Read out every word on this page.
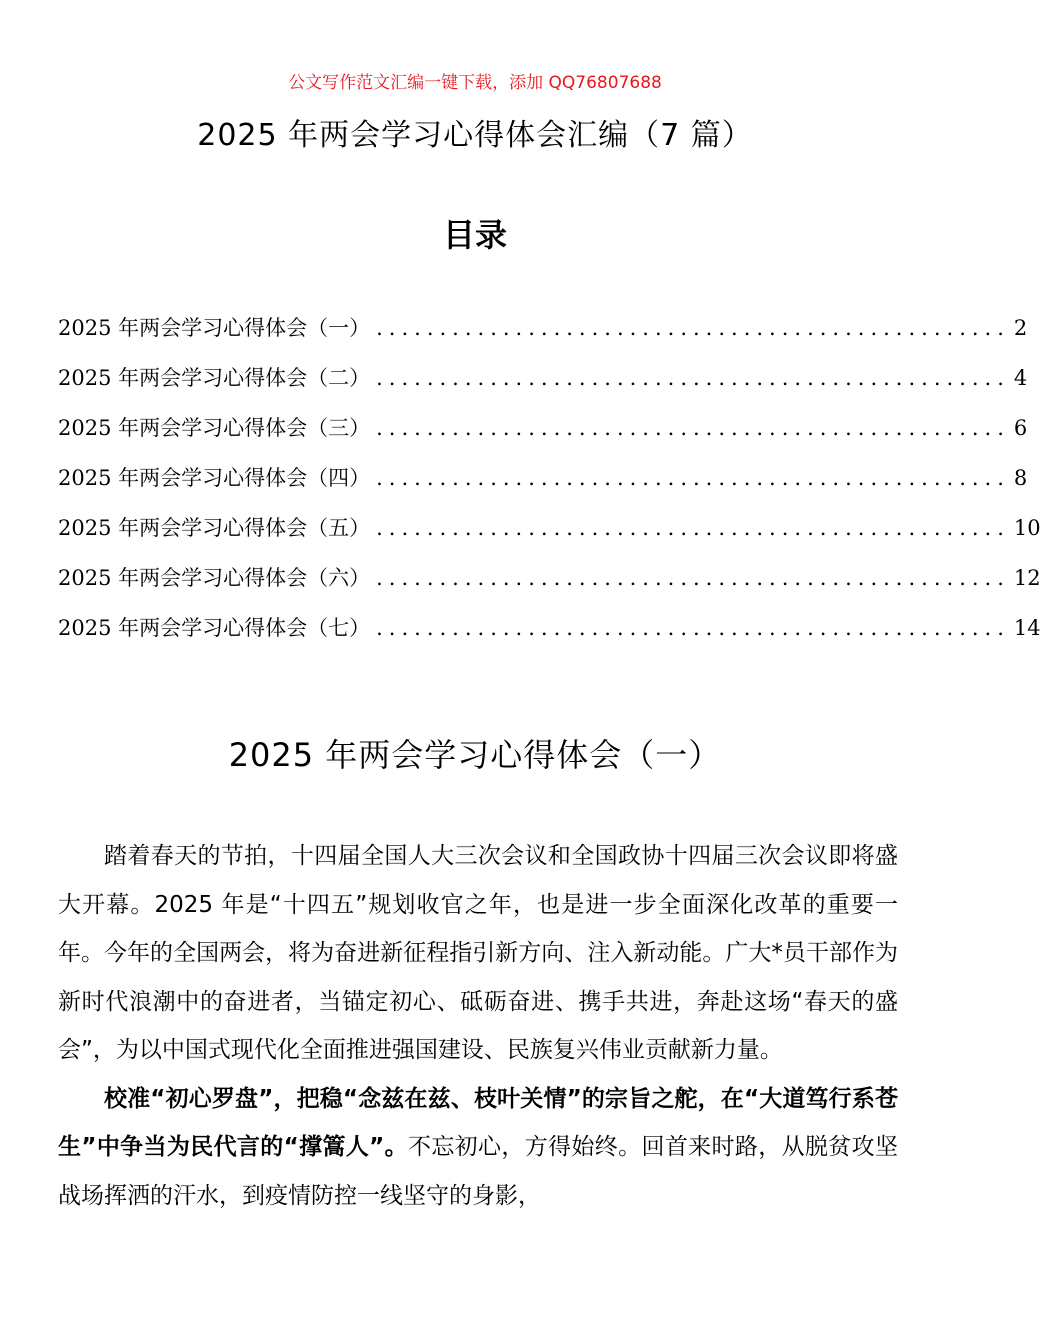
公文写作范文汇编一键下载，添加 QQ76807688
2025 年两会学习心得体会汇编（7 篇）
目录
2025 年两会学习心得体会（一） .................................................. 2
2025 年两会学习心得体会（二） .................................................. 4
2025 年两会学习心得体会（三） .................................................. 6
2025 年两会学习心得体会（四） .................................................. 8
2025 年两会学习心得体会（五） .................................................. 10
2025 年两会学习心得体会（六） .................................................. 12
2025 年两会学习心得体会（七） .................................................. 14
2025 年两会学习心得体会（一）

踏着春天的节拍，十四届全国人大三次会议和全国政协十四届三次会议即将盛大开幕。2025 年是“十四五”规划收官之年，也是进一步全面深化改革的重要一年。今年的全国两会，将为奋进新征程指引新方向、注入新动能。广大*员干部作为新时代浪潮中的奋进者，当锚定初心、砥砺奋进、携手共进，奔赴这场“春天的盛会”，为以中国式现代化全面推进强国建设、民族复兴伟业贡献新力量。

校准“初心罗盘”，把稳“念兹在兹、枝叶关情”的宗旨之舵，在“大道笃行系苍生”中争当为民代言的“撑篙人”。不忘初心，方得始终。回首来时路，从脱贫攻坚战场挥洒的汗水，到疫情防控一线坚守的身影，
